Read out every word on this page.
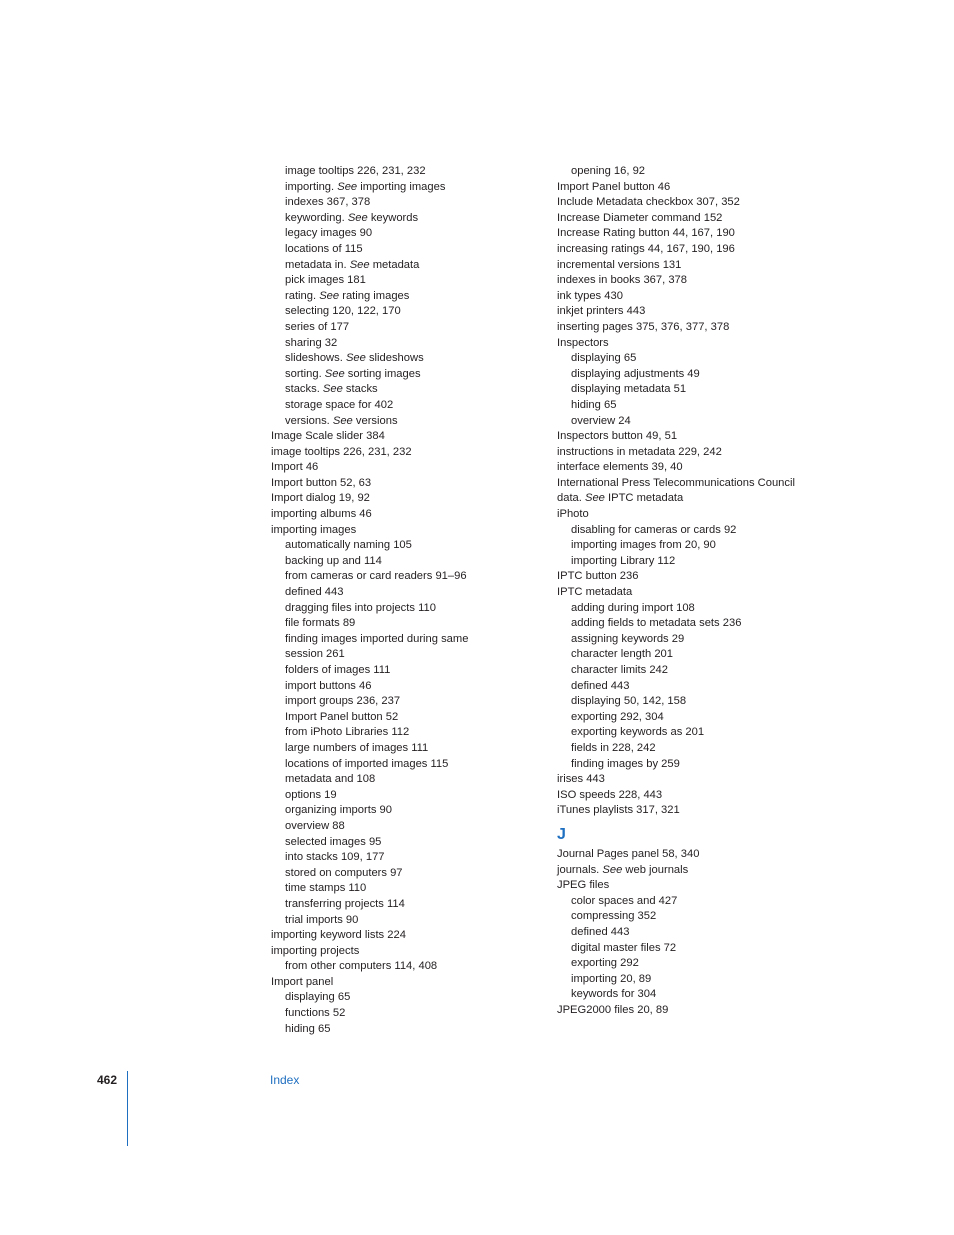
image tooltips 226, 231, 232
importing. See importing images
indexes 367, 378
keywording. See keywords
legacy images 90
locations of 115
metadata in. See metadata
pick images 181
rating. See rating images
selecting 120, 122, 170
series of 177
sharing 32
slideshows. See slideshows
sorting. See sorting images
stacks. See stacks
storage space for 402
versions. See versions
Image Scale slider 384
image tooltips 226, 231, 232
Import 46
Import button 52, 63
Import dialog 19, 92
importing albums 46
importing images
automatically naming 105
backing up and 114
from cameras or card readers 91–96
defined 443
dragging files into projects 110
file formats 89
finding images imported during same
session 261
folders of images 111
import buttons 46
import groups 236, 237
Import Panel button 52
from iPhoto Libraries 112
large numbers of images 111
locations of imported images 115
metadata and 108
options 19
organizing imports 90
overview 88
selected images 95
into stacks 109, 177
stored on computers 97
time stamps 110
transferring projects 114
trial imports 90
importing keyword lists 224
importing projects
from other computers 114, 408
Import panel
displaying 65
functions 52
hiding 65
opening 16, 92
Import Panel button 46
Include Metadata checkbox 307, 352
Increase Diameter command 152
Increase Rating button 44, 167, 190
increasing ratings 44, 167, 190, 196
incremental versions 131
indexes in books 367, 378
ink types 430
inkjet printers 443
inserting pages 375, 376, 377, 378
Inspectors
displaying 65
displaying adjustments 49
displaying metadata 51
hiding 65
overview 24
Inspectors button 49, 51
instructions in metadata 229, 242
interface elements 39, 40
International Press Telecommunications Council
data. See IPTC metadata
iPhoto
disabling for cameras or cards 92
importing images from 20, 90
importing Library 112
IPTC button 236
IPTC metadata
adding during import 108
adding fields to metadata sets 236
assigning keywords 29
character length 201
character limits 242
defined 443
displaying 50, 142, 158
exporting 292, 304
exporting keywords as 201
fields in 228, 242
finding images by 259
irises 443
ISO speeds 228, 443
iTunes playlists 317, 321
J
Journal Pages panel 58, 340
journals. See web journals
JPEG files
color spaces and 427
compressing 352
defined 443
digital master files 72
exporting 292
importing 20, 89
keywords for 304
JPEG2000 files 20, 89
462	Index
